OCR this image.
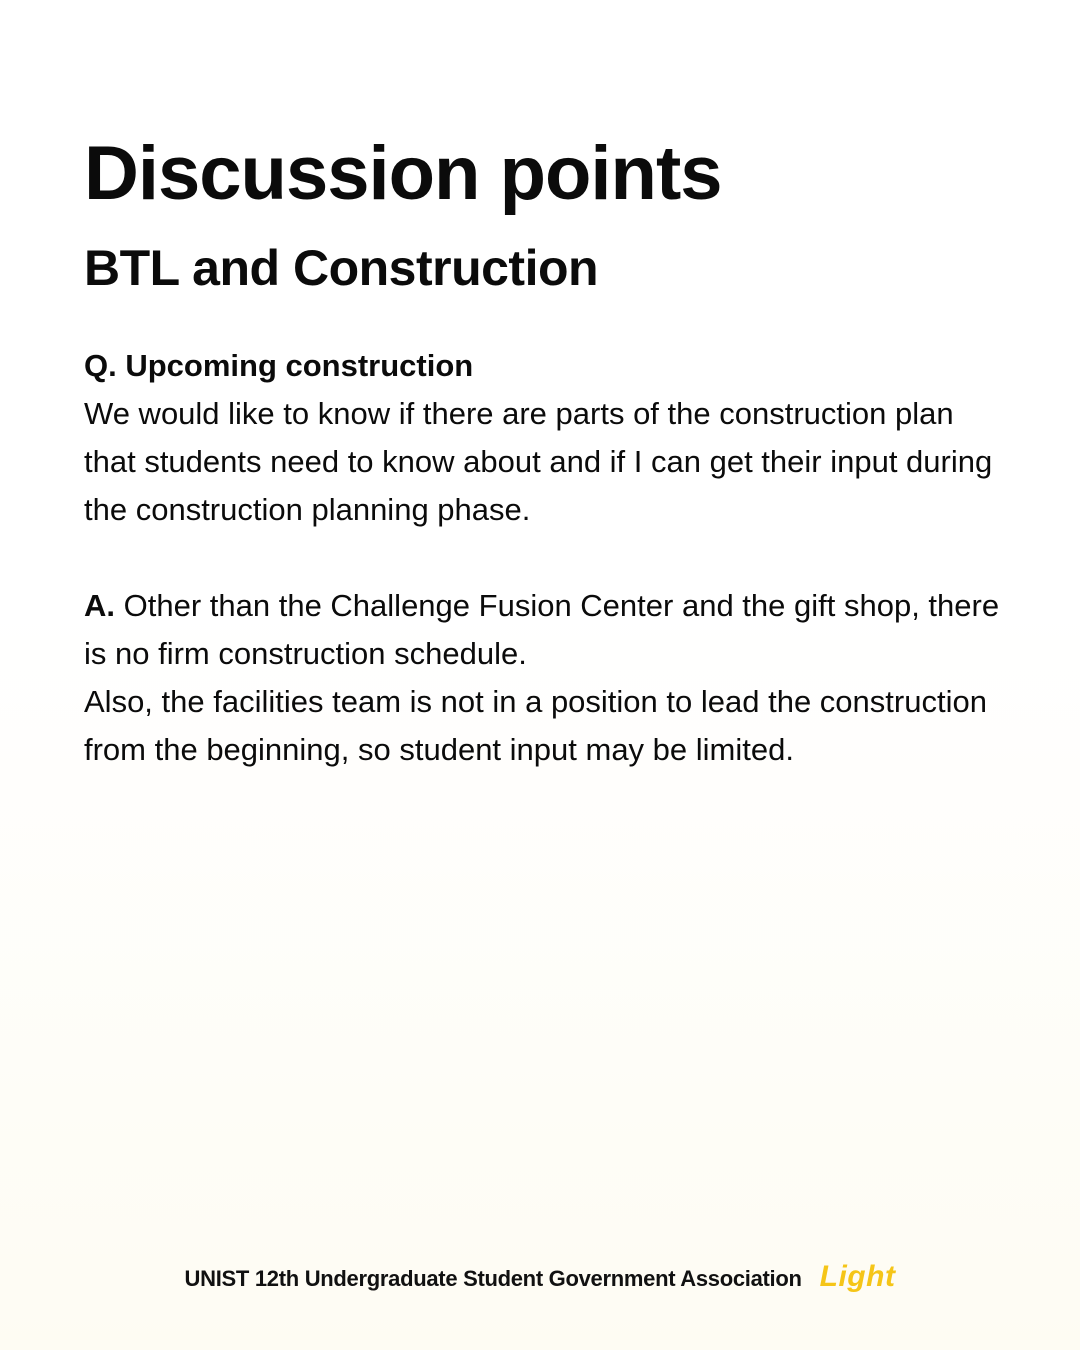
Discussion points
BTL and Construction
Q. Upcoming construction
We would like to know if there are parts of the construction plan that students need to know about and if I can get their input during the construction planning phase.
A. Other than the Challenge Fusion Center and the gift shop, there is no firm construction schedule.
Also, the facilities team is not in a position to lead the construction from the beginning, so student input may be limited.
UNIST 12th Undergraduate Student Government Association Light
